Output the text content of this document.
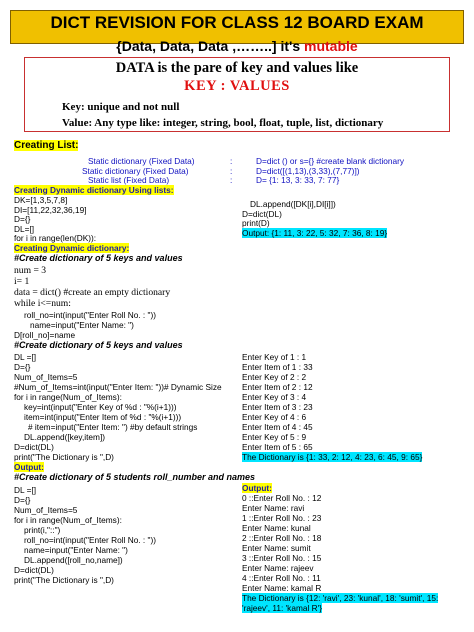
DICT REVISION FOR CLASS 12 BOARD EXAM
{Data, Data, Data ,……..] it's mutable
DATA is the pare of key and values like
KEY : VALUES
Key: unique and not null
Value: Any type like: integer, string, bool, float, tuple, list, dictionary
Creating List:
Static dictionary (Fixed Data)	:	D=dict () or s={} #create blank dictionary
Static dictionary (Fixed Data)	:	D=dict([(1,13),(3,33),(7,77)])
Static list (Fixed Data)	:	D= {1: 13, 3: 33, 7: 77}
Creating Dynamic dictionary Using lists:
DK=[1,3,5,7,8]
DI=[11,22,32,36,19]
D={}
DL=[]
for i in range(len(DK)):
DL.append([DK[i],DI[i]])
D=dict(DL)
print(D)
Output: {1: 11, 3: 22, 5: 32, 7: 36, 8: 19}
Creating Dynamic dictionary:
#Create dictionary of 5 keys and values
num = 3
i= 1
data = dict() #create an empty dictionary
while i<=num:
roll_no=int(input("Enter Roll No. : "))
name=input("Enter Name: ")
D[roll_no]=name
#Create dictionary of 5 keys and values
DL =[]
D={}
Num_of_Items=5
#Num_of_Items=int(input("Enter Item: "))# Dynamic Size
for i in range(Num_of_Items):
key=int(input("Enter Key of %d : "%(i+1)))
item=int(input("Enter Item of %d : "%(i+1)))
# item=input("Enter Item: ") #by default strings
DL.append([key,item])
D=dict(DL)
print("The Dictionary is ",D)
Enter Key of 1 : 1
Enter Item of 1 : 33
Enter Key of 2 : 2
Enter Item of 2 : 12
Enter Key of 3 : 4
Enter Item of 3 : 23
Enter Key of 4 : 6
Enter Item of 4 : 45
Enter Key of 5 : 9
Enter Item of 5 : 65
The Dictionary is {1: 33, 2: 12, 4: 23, 6: 45, 9: 65}
Output:
#Create dictionary of 5 students roll_number and names
Output:
DL =[]
D={}
Num_of_Items=5
for i in range(Num_of_Items):
print(i,"::")
roll_no=int(input("Enter Roll No. : "))
name=input("Enter Name: ")
DL.append([roll_no,name])
D=dict(DL)
print("The Dictionary is ",D)
0 ::Enter Roll No. : 12
Enter Name: ravi
1 ::Enter Roll No. : 23
Enter Name: kunal
2 ::Enter Roll No. : 18
Enter Name: sumit
3 ::Enter Roll No. : 15
Enter Name: rajeev
4 ::Enter Roll No. : 11
Enter Name: kamal R
The Dictionary is {12: 'ravi', 23: 'kunal', 18: 'sumit', 15:
'rajeev', 11: 'kamal R'}
